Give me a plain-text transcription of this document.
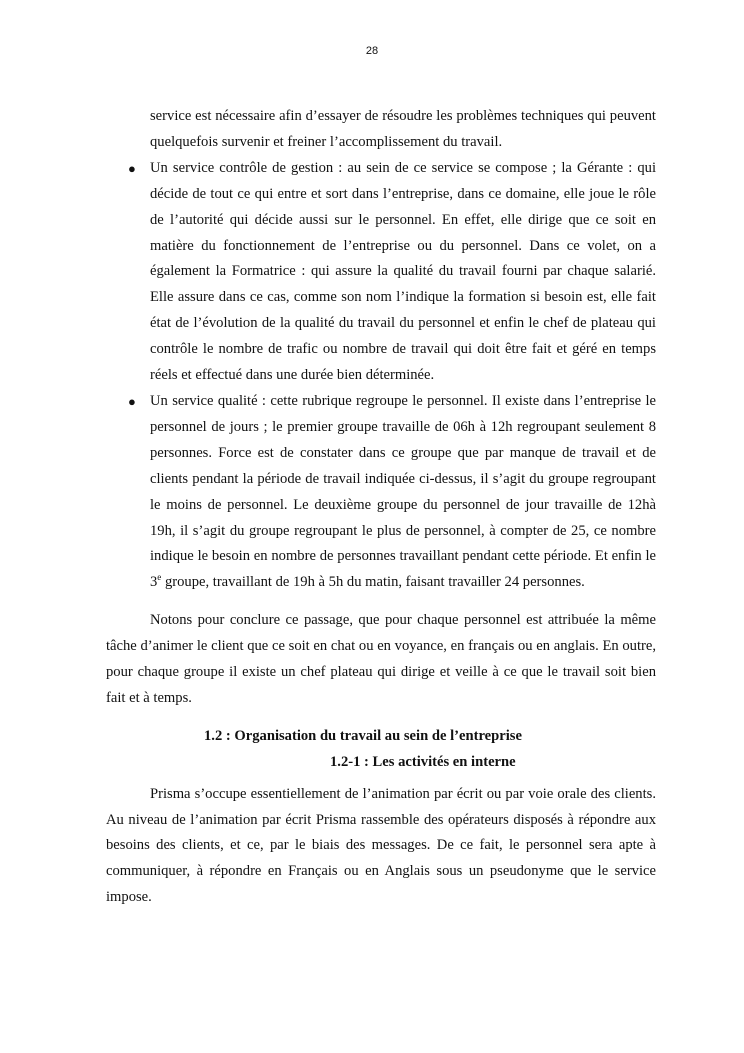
28

service est nécessaire afin d’essayer de résoudre les problèmes techniques qui peuvent quelquefois survenir et freiner l’accomplissement du travail.

● Un service contrôle de gestion : au sein de ce service se compose ; la Gérante : qui décide de tout ce qui entre et sort dans l’entreprise, dans ce domaine, elle joue le rôle de l’autorité qui décide aussi sur le personnel. En effet, elle dirige que ce soit en matière du fonctionnement de l’entreprise ou du personnel. Dans ce volet, on a également la Formatrice : qui assure la qualité du travail fourni par chaque salarié. Elle assure dans ce cas, comme son nom l’indique la formation si besoin est, elle fait état de l’évolution de la qualité du travail du personnel et enfin le chef de plateau qui contrôle le nombre de trafic ou nombre de travail qui doit être fait et géré en temps réels et effectué dans une durée bien déterminée.
● Un service qualité : cette rubrique regroupe le personnel. Il existe dans l’entreprise le personnel de jours ; le premier groupe travaille de 06h à 12h regroupant seulement 8 personnes. Force est de constater dans ce groupe que par manque de travail et de clients pendant la période de travail indiquée ci-dessus, il s’agit du groupe regroupant le moins de personnel. Le deuxième groupe du personnel de jour travaille de 12hà 19h, il s’agit du groupe regroupant le plus de personnel, à compter de 25, ce nombre indique le besoin en nombre de personnes travaillant pendant cette période. Et enfin le 3e groupe, travaillant de 19h à 5h du matin, faisant travailler 24 personnes.

Notons pour conclure ce passage, que pour chaque personnel est attribuée la même tâche d’animer le client que ce soit en chat ou en voyance, en français ou en anglais. En outre, pour chaque groupe il existe un chef plateau qui dirige et veille à ce que le travail soit bien fait et à temps.

1.2 : Organisation du travail au sein de l’entreprise

1.2-1 : Les activités en interne

Prisma s’occupe essentiellement de l’animation par écrit ou par voie orale des clients. Au niveau de l’animation par écrit Prisma rassemble des opérateurs disposés à répondre aux besoins des clients, et ce, par le biais des messages. De ce fait, le personnel sera apte à communiquer, à répondre en Français ou en Anglais sous un pseudonyme que le service impose.
